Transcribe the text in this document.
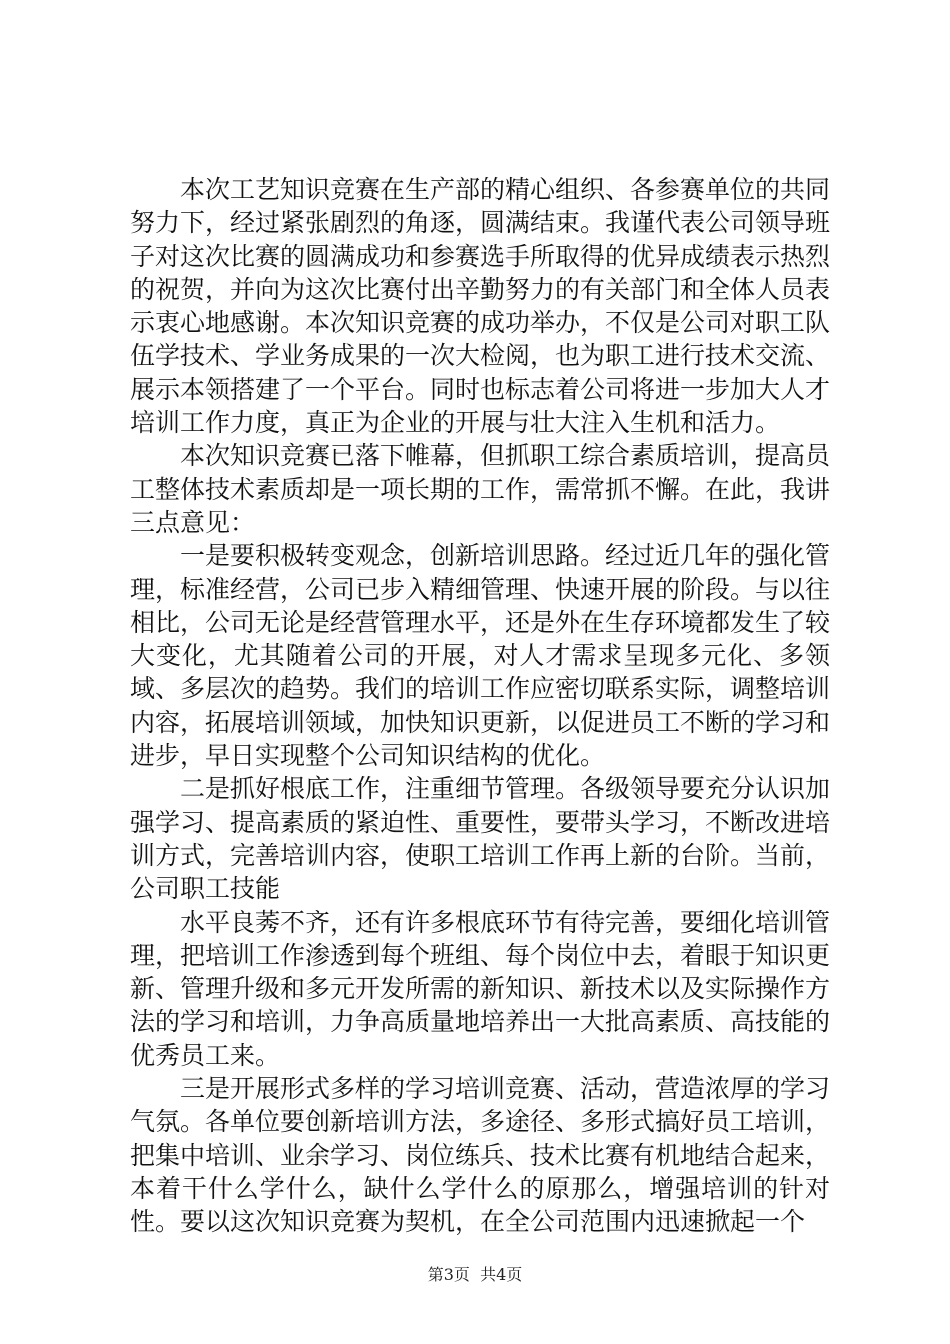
本次工艺知识竞赛在生产部的精心组织、各参赛单位的共同努力下，经过紧张剧烈的角逐，圆满结束。我谨代表公司领导班子对这次比赛的圆满成功和参赛选手所取得的优异成绩表示热烈的祝贺，并向为这次比赛付出辛勤努力的有关部门和全体人员表示衷心地感谢。本次知识竞赛的成功举办，不仅是公司对职工队伍学技术、学业务成果的一次大检阅，也为职工进行技术交流、展示本领搭建了一个平台。同时也标志着公司将进一步加大人才培训工作力度，真正为企业的开展与壮大注入生机和活力。

本次知识竞赛已落下帷幕，但抓职工综合素质培训，提高员工整体技术素质却是一项长期的工作，需常抓不懈。在此，我讲三点意见：

一是要积极转变观念，创新培训思路。经过近几年的强化管理，标准经营，公司已步入精细管理、快速开展的阶段。与以往相比，公司无论是经营管理水平，还是外在生存环境都发生了较大变化，尤其随着公司的开展，对人才需求呈现多元化、多领域、多层次的趋势。我们的培训工作应密切联系实际，调整培训内容，拓展培训领域，加快知识更新，以促进员工不断的学习和进步，早日实现整个公司知识结构的优化。

二是抓好根底工作，注重细节管理。各级领导要充分认识加强学习、提高素质的紧迫性、重要性，要带头学习，不断改进培训方式，完善培训内容，使职工培训工作再上新的台阶。当前，公司职工技能

水平良莠不齐，还有许多根底环节有待完善，要细化培训管理，把培训工作渗透到每个班组、每个岗位中去，着眼于知识更新、管理升级和多元开发所需的新知识、新技术以及实际操作方法的学习和培训，力争高质量地培养出一大批高素质、高技能的优秀员工来。

三是开展形式多样的学习培训竞赛、活动，营造浓厚的学习气氛。各单位要创新培训方法，多途径、多形式搞好员工培训，把集中培训、业余学习、岗位练兵、技术比赛有机地结合起来，本着干什么学什么，缺什么学什么的原那么，增强培训的针对性。要以这次知识竞赛为契机，在全公司范围内迅速掀起一个

第3页  共4页
